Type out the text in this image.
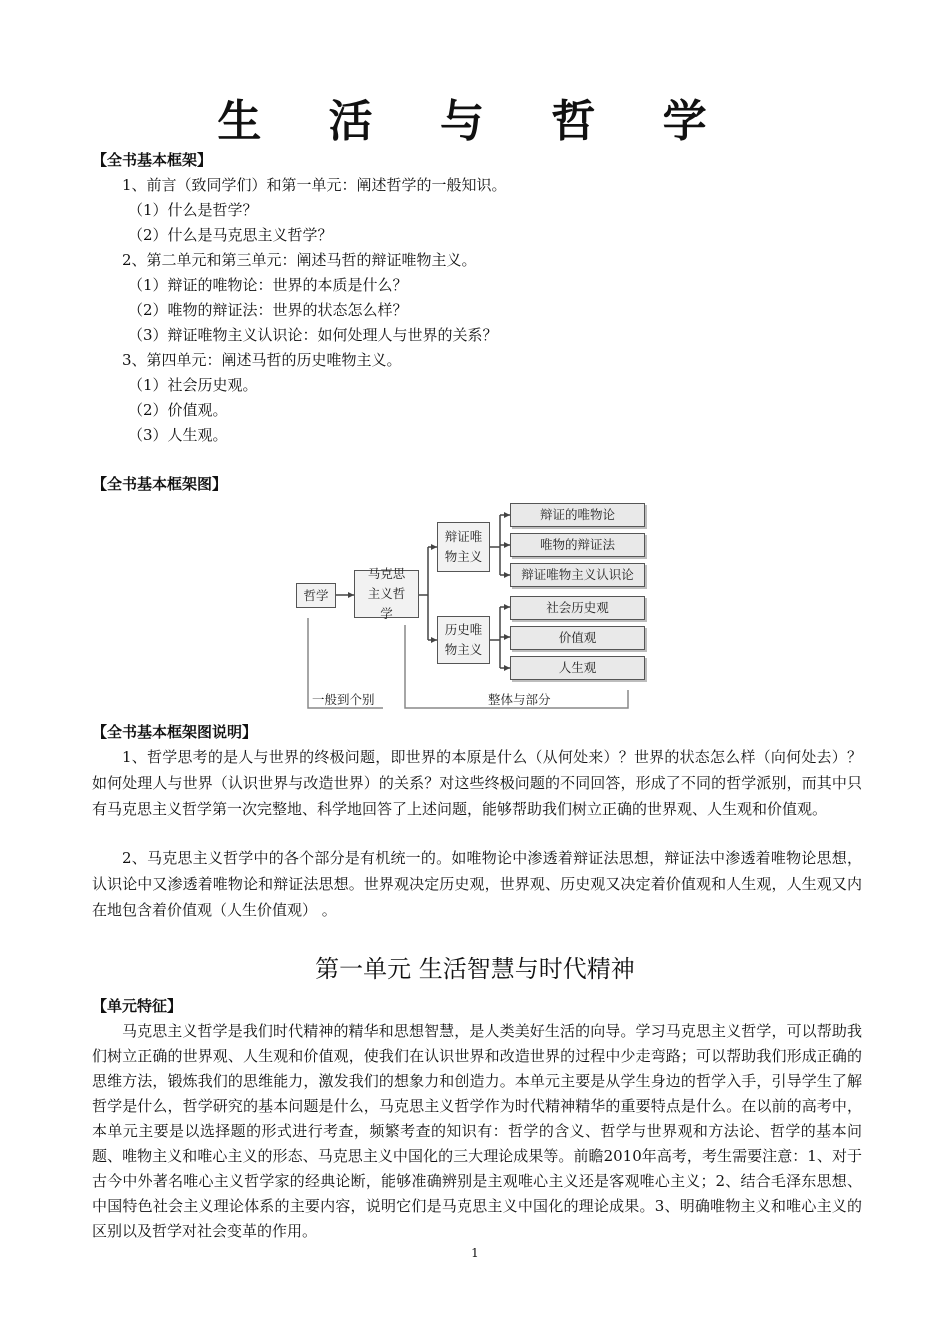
生 活 与 哲 学
【全书基本框架】
1、前言（致同学们）和第一单元：阐述哲学的一般知识。
（1）什么是哲学？
（2）什么是马克思主义哲学？
2、第二单元和第三单元：阐述马哲的辩证唯物主义。
（1）辩证的唯物论：世界的本质是什么？
（2）唯物的辩证法：世界的状态怎么样？
（3）辩证唯物主义认识论：如何处理人与世界的关系？
3、第四单元：阐述马哲的历史唯物主义。
（1）社会历史观。
（2）价值观。
（3）人生观。
【全书基本框架图】
哲学
马克思主义哲学
辩证唯物主义
历史唯物主义
辩证的唯物论
唯物的辩证法
辩证唯物主义认识论
社会历史观
价值观
人生观
一般到个别	整体与部分
【全书基本框架图说明】
1、哲学思考的是人与世界的终极问题，即世界的本原是什么（从何处来）？世界的状态怎么样（向何处去）？如何处理人与世界（认识世界与改造世界）的关系？对这些终极问题的不同回答，形成了不同的哲学派别，而其中只有马克思主义哲学第一次完整地、科学地回答了上述问题，能够帮助我们树立正确的世界观、人生观和价值观。
2、马克思主义哲学中的各个部分是有机统一的。如唯物论中渗透着辩证法思想，辩证法中渗透着唯物论思想，认识论中又渗透着唯物论和辩证法思想。世界观决定历史观，世界观、历史观又决定着价值观和人生观，人生观又内在地包含着价值观（人生价值观） 。
第一单元 生活智慧与时代精神
【单元特征】
马克思主义哲学是我们时代精神的精华和思想智慧，是人类美好生活的向导。学习马克思主义哲学，可以帮助我们树立正确的世界观、人生观和价值观，使我们在认识世界和改造世界的过程中少走弯路；可以帮助我们形成正确的思维方法，锻炼我们的思维能力，激发我们的想象力和创造力。本单元主要是从学生身边的哲学入手，引导学生了解哲学是什么，哲学研究的基本问题是什么，马克思主义哲学作为时代精神精华的重要特点是什么。在以前的高考中，本单元主要是以选择题的形式进行考查，频繁考查的知识有：哲学的含义、哲学与世界观和方法论、哲学的基本问题、唯物主义和唯心主义的形态、马克思主义中国化的三大理论成果等。前瞻2010年高考，考生需要注意：1、对于古今中外著名唯心主义哲学家的经典论断，能够准确辨别是主观唯心主义还是客观唯心主义；2、结合毛泽东思想、中国特色社会主义理论体系的主要内容，说明它们是马克思主义中国化的理论成果。3、明确唯物主义和唯心主义的区别以及哲学对社会变革的作用。
1
